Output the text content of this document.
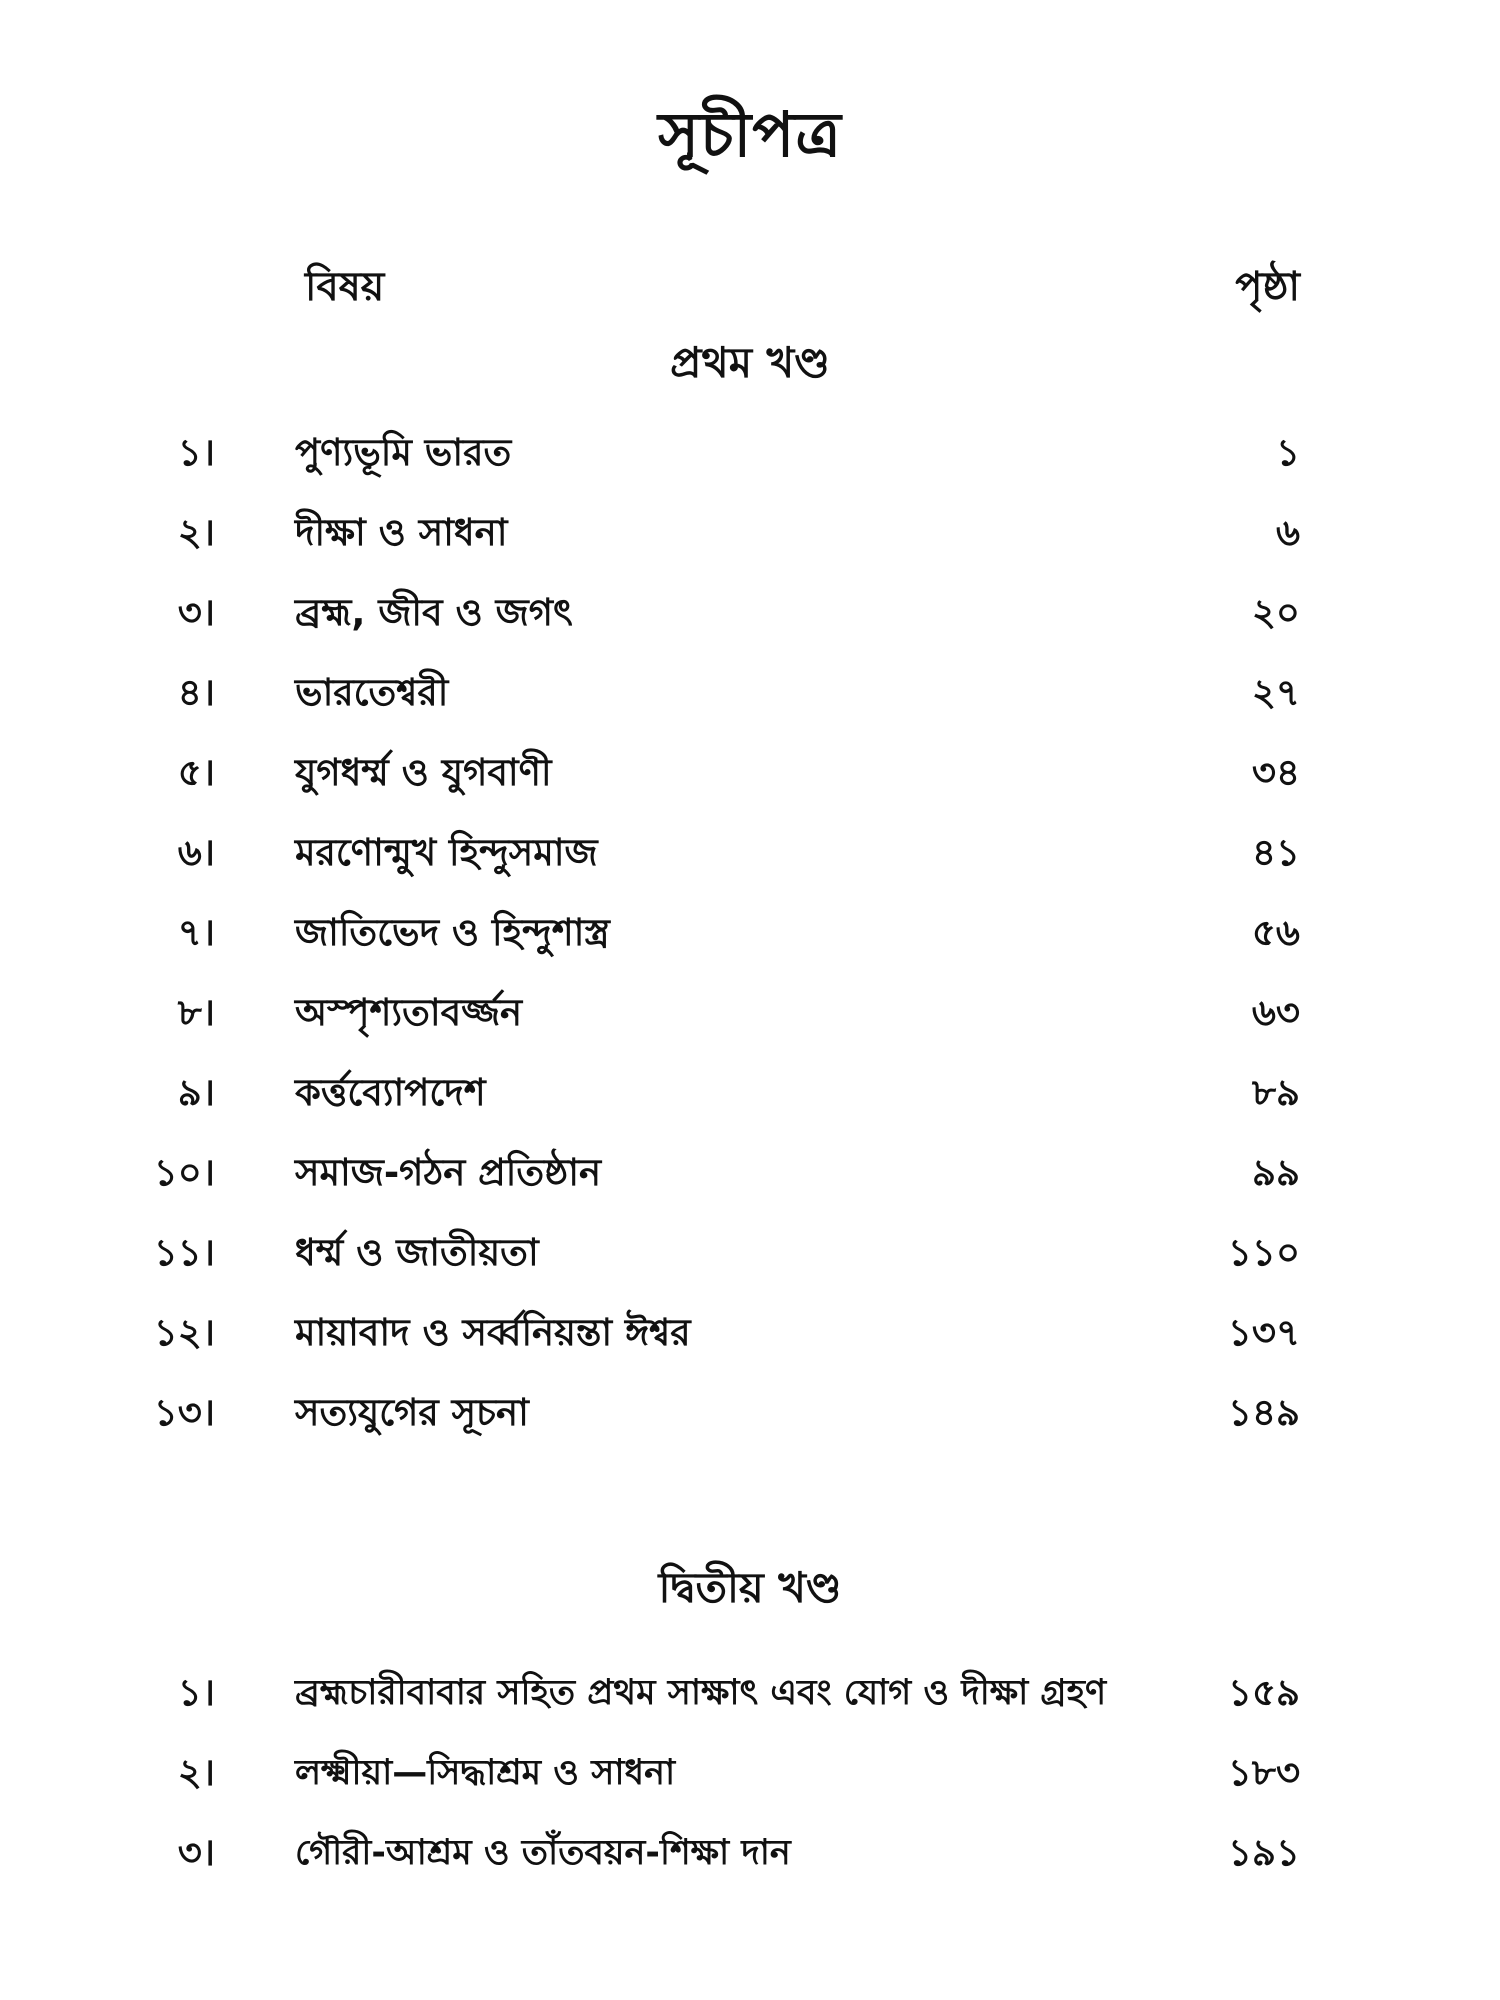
সূচীপত্র
বিষয়	পৃষ্ঠা
প্রথম খণ্ড
১। পুণ্যভূমি ভারত	১
২। দীক্ষা ও সাধনা	৬
৩। ব্রহ্ম, জীব ও জগৎ	২০
৪। ভারতেশ্বরী	২৭
৫। যুগধর্ম্ম ও যুগবাণী	৩৪
৬। মরণোন্মুখ হিন্দুসমাজ	৪১
৭। জাতিভেদ ও হিন্দুশাস্ত্র	৫৬
৮। অস্পৃশ্যতাবর্জ্জন	৬৩
৯। কর্ত্তব্যোপদেশ	৮৯
১০। সমাজ-গঠন প্রতিষ্ঠান	৯৯
১১। ধর্ম্ম ও জাতীয়তা	১১০
১২। মায়াবাদ ও সর্ব্বনিয়ন্তা ঈশ্বর	১৩৭
১৩। সত্যযুগের সূচনা	১৪৯
দ্বিতীয় খণ্ড
১। ব্রহ্মচারীবাবার সহিত প্রথম সাক্ষাৎ এবং যোগ ও দীক্ষা গ্রহণ	১৫৯
২। লক্ষ্মীয়া—সিদ্ধাশ্রম ও সাধনা	১৮৩
৩। গৌরী-আশ্রম ও তাঁতবয়ন-শিক্ষা দান	১৯১
